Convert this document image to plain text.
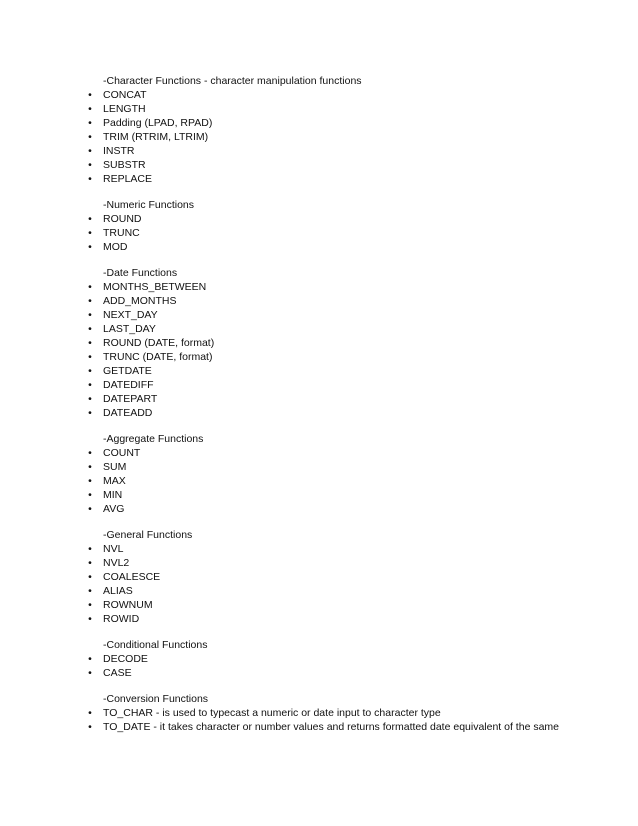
-Character Functions - character manipulation functions
•	CONCAT
•	LENGTH
•	Padding (LPAD, RPAD)
•	TRIM (RTRIM, LTRIM)
•	INSTR
•	SUBSTR
•	REPLACE
-Numeric Functions
•	ROUND
•	TRUNC
•	MOD
-Date Functions
•	MONTHS_BETWEEN
•	ADD_MONTHS
•	NEXT_DAY
•	LAST_DAY
•	ROUND (DATE, format)
•	TRUNC (DATE, format)
•	GETDATE
•	DATEDIFF
•	DATEPART
•	DATEADD
-Aggregate Functions
•	COUNT
•	SUM
•	MAX
•	MIN
•	AVG
-General Functions
•	NVL
•	NVL2
•	COALESCE
•	ALIAS
•	ROWNUM
•	ROWID
-Conditional Functions
•	DECODE
•	CASE
-Conversion Functions
•	TO_CHAR - is used to typecast a numeric or date input to character type
•	TO_DATE - it takes character or number values and returns formatted date equivalent of the same
